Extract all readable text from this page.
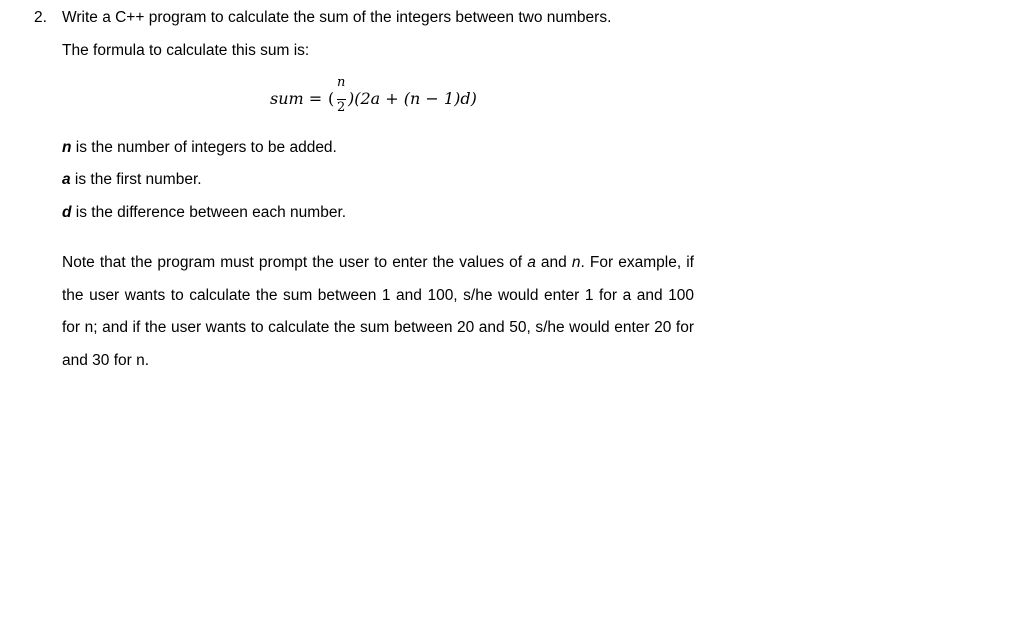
2. Write a C++ program to calculate the sum of the integers between two numbers.
The formula to calculate this sum is:
sum = (
n
2 )(2a + (n − 1)d)
n is the number of integers to be added.
a is the first number.
d is the difference between each number.
Note that the program must prompt the user to enter the values of a and n. For example, if the user wants to calculate the sum between 1 and 100, s/he would enter 1 for a and 100 for n; and if the user wants to calculate the sum between 20 and 50, s/he would enter 20 for and 30 for n.
